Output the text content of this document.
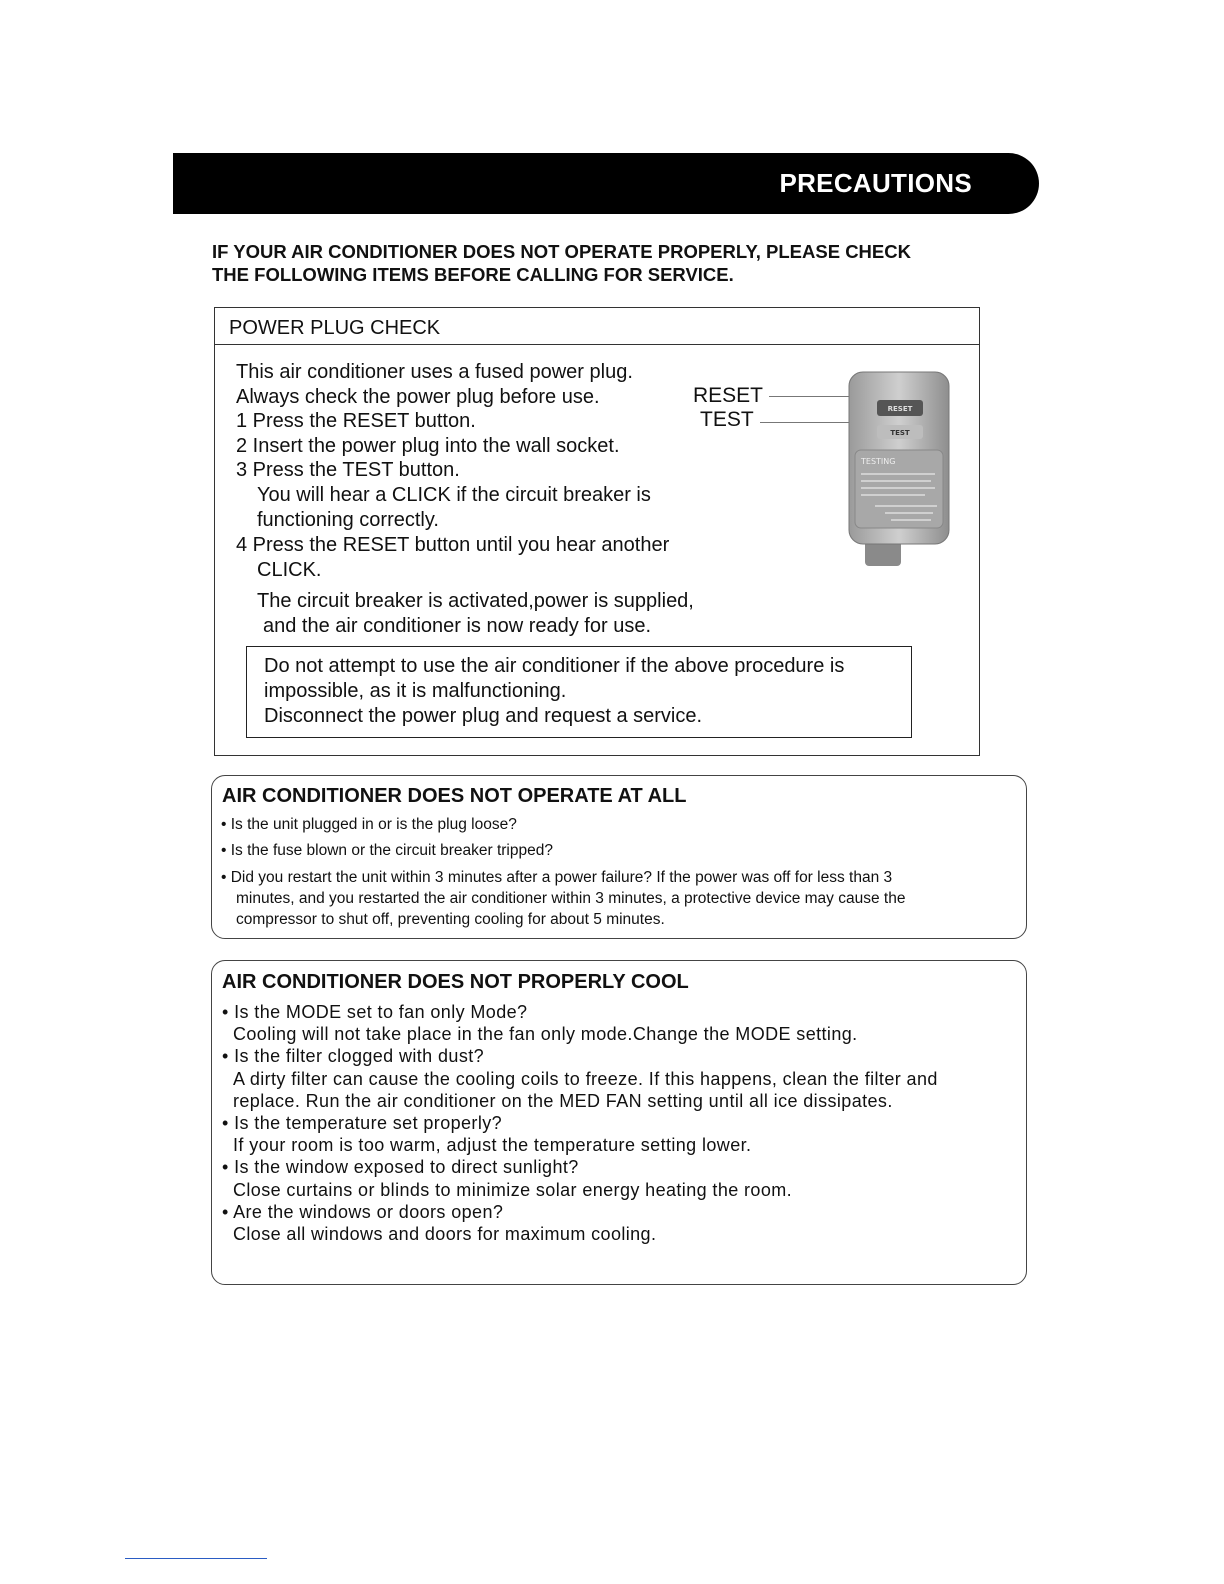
PRECAUTIONS
IF YOUR AIR CONDITIONER DOES NOT OPERATE PROPERLY, PLEASE CHECK
THE FOLLOWING ITEMS BEFORE CALLING FOR SERVICE.
POWER PLUG CHECK
This air conditioner uses a fused power plug.
Always check the power plug before use.
1 Press the RESET button.
2 Insert the power plug into the wall socket.
3 Press the TEST button.
You will hear a CLICK if the circuit breaker is
functioning correctly.
4 Press the RESET button until you hear another
CLICK.
The circuit breaker is activated,power is supplied,
and the air conditioner is now ready for use.
RESET
TEST	RESET
TEST
TESTING
Do not attempt to use the air conditioner if the above procedure is
impossible, as it is malfunctioning.
Disconnect the power plug and request a service.
AIR CONDITIONER DOES NOT OPERATE AT ALL
• Is the unit plugged in or is the plug loose?
• Is the fuse blown or the circuit breaker tripped?
• Did you restart the unit within 3 minutes after a power failure? If the power was off for less than 3
minutes, and you restarted the air conditioner within 3 minutes, a protective device may cause the
compressor to shut off, preventing cooling for about 5 minutes.
AIR CONDITIONER DOES NOT PROPERLY COOL
• Is the MODE set to fan only Mode?
Cooling will not take place in the fan only mode.Change the MODE setting.
• Is the filter clogged with dust?
A dirty filter can cause the cooling coils to freeze. If this happens, clean the filter and
replace. Run the air conditioner on the MED FAN setting until all ice dissipates.
• Is the temperature set properly?
If your room is too warm, adjust the temperature setting lower.
• Is the window exposed to direct sunlight?
Close curtains or blinds to minimize solar energy heating the room.
• Are the windows or doors open?
Close all windows and doors for maximum cooling.
